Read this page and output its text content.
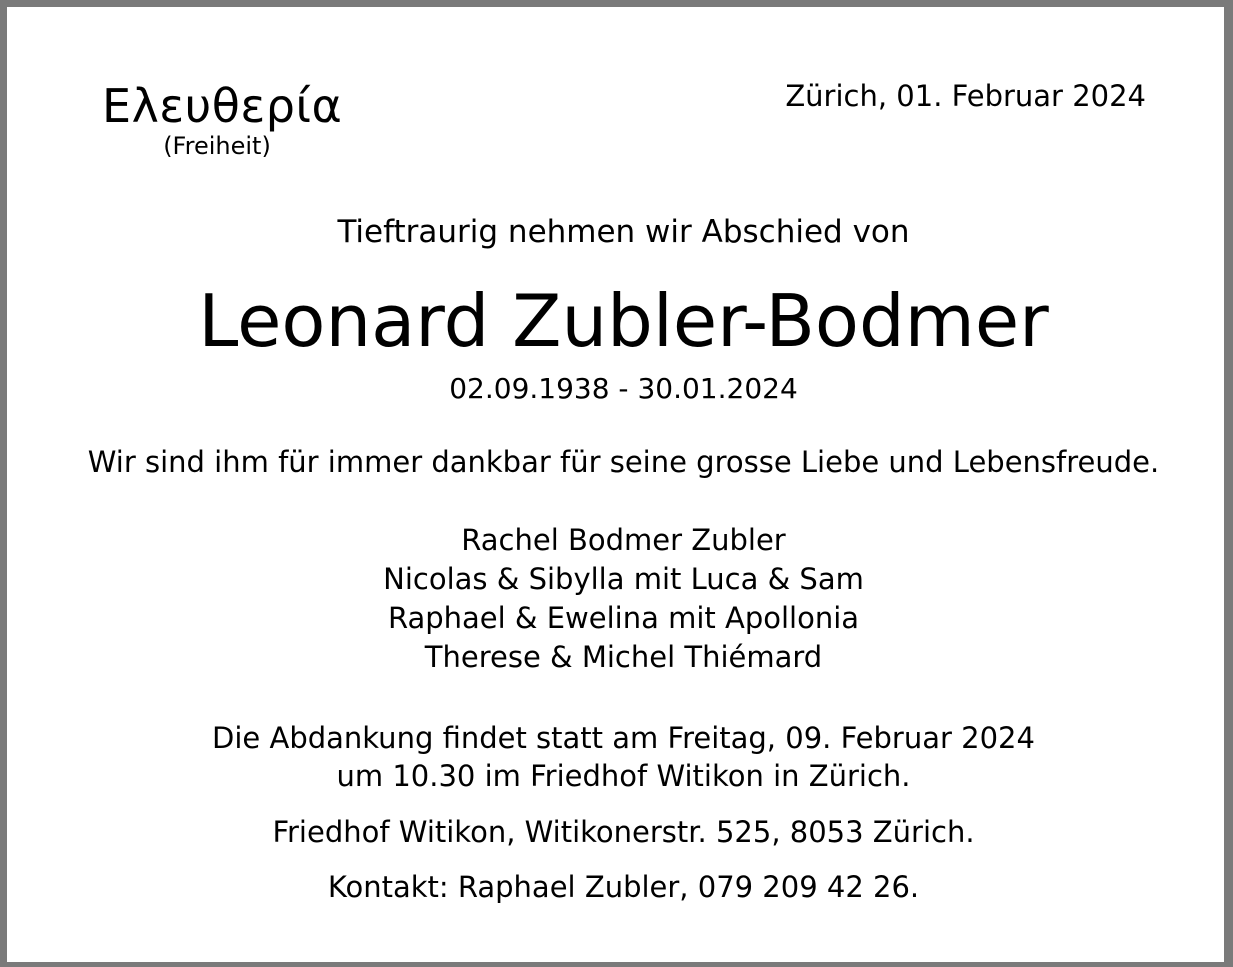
Ελευθερία
(Freiheit)
Zürich, 01. Februar 2024
Tieftraurig nehmen wir Abschied von
Leonard Zubler-Bodmer
02.09.1938 - 30.01.2024
Wir sind ihm für immer dankbar für seine grosse Liebe und Lebensfreude.
Rachel Bodmer Zubler
Nicolas & Sibylla mit Luca & Sam
Raphael & Ewelina mit Apollonia
Therese & Michel Thiémard
Die Abdankung findet statt am Freitag, 09. Februar 2024
um 10.30 im Friedhof Witikon in Zürich.
Friedhof Witikon, Witikonerstr. 525, 8053 Zürich.
Kontakt: Raphael Zubler, 079 209 42 26.
